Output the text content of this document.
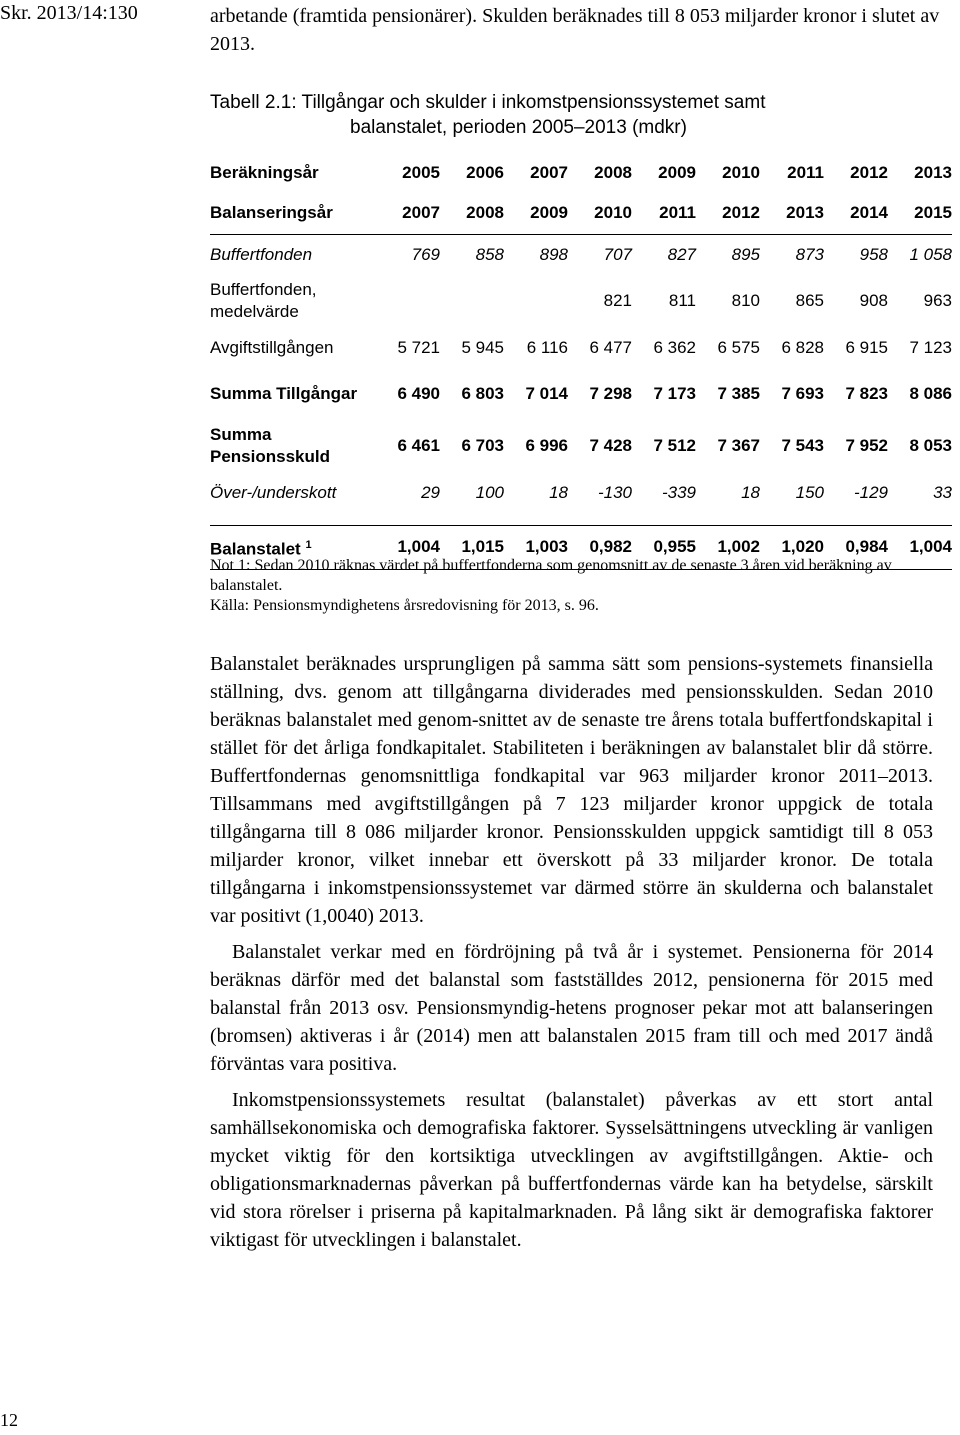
Skr. 2013/14:130
12
arbetande (framtida pensionärer). Skulden beräknades till 8 053 miljarder kronor i slutet av 2013.
Tabell 2.1: Tillgångar och skulder i inkomstpensionssystemet samt
balanstalet, perioden 2005–2013 (mdkr)
Beräkningsår	2005	2006	2007	2008	2009	2010	2011	2012	2013
Balanseringsår	2007	2008	2009	2010	2011	2012	2013	2014	2015
Buffertfonden	769	858	898	707	827	895	873	958	1 058
Buffertfonden, medelvärde				821	811	810	865	908	963
Avgiftstillgången	5 721	5 945	6 116	6 477	6 362	6 575	6 828	6 915	7 123
Summa Tillgångar	6 490	6 803	7 014	7 298	7 173	7 385	7 693	7 823	8 086
Summa Pensionsskuld	6 461	6 703	6 996	7 428	7 512	7 367	7 543	7 952	8 053
Över-/underskott	29	100	18	-130	-339	18	150	-129	33

Balanstalet $^1$	1,004	1,015	1,003	0,982	0,955	1,002	1,020	0,984	1,004

Not 1: Sedan 2010 räknas värdet på buffertfonderna som genomsnitt av de senaste 3 åren vid beräkning av balanstalet.

Källa: Pensionsmyndighetens årsredovisning för 2013, s. 96.

Balanstalet beräknades ursprungligen på samma sätt som pensions-systemets finansiella ställning, dvs. genom att tillgångarna dividerades med pensionsskulden. Sedan 2010 beräknas balanstalet med genom-snittet av de senaste tre årens totala buffertfondskapital i stället för det årliga fondkapitalet. Stabiliteten i beräkningen av balanstalet blir då större. Buffertfondernas genomsnittliga fondkapital var 963 miljarder kronor 2011–2013. Tillsammans med avgiftstillgången på 7 123 miljarder kronor uppgick de totala tillgångarna till 8 086 miljarder kronor. Pensionsskulden uppgick samtidigt till 8 053 miljarder kronor, vilket innebar ett överskott på 33 miljarder kronor. De totala tillgångarna i inkomstpensionssystemet var därmed större än skulderna och balanstalet var positivt (1,0040) 2013.

Balanstalet verkar med en fördröjning på två år i systemet. Pensionerna för 2014 beräknas därför med det balanstal som fastställdes 2012, pensionerna för 2015 med balanstal från 2013 osv. Pensionsmyndig-hetens prognoser pekar mot att balanseringen (bromsen) aktiveras i år (2014) men att balanstalen 2015 fram till och med 2017 ändå förväntas vara positiva.

Inkomstpensionssystemets resultat (balanstalet) påverkas av ett stort antal samhällsekonomiska och demografiska faktorer. Sysselsättningens utveckling är vanligen mycket viktig för den kortsiktiga utvecklingen av avgiftstillgången. Aktie- och obligationsmarknadernas påverkan på buffertfondernas värde kan ha betydelse, särskilt vid stora rörelser i priserna på kapitalmarknaden. På lång sikt är demografiska faktorer viktigast för utvecklingen i balanstalet.
